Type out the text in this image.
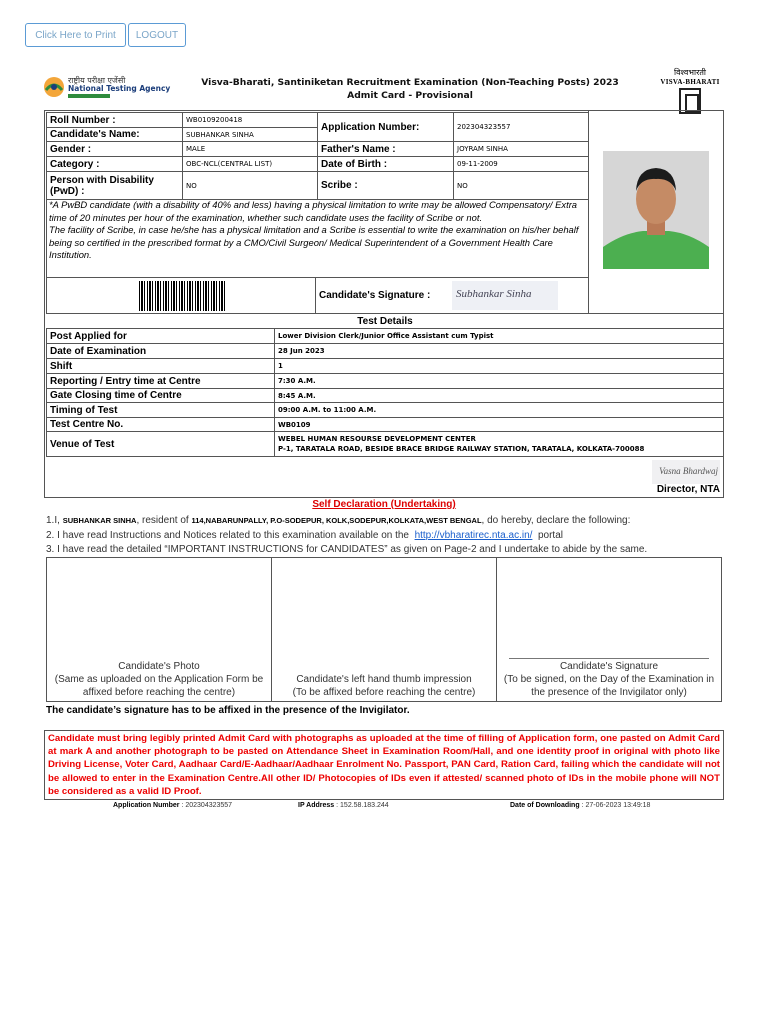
Click Here to Print	LOGOUT
राष्ट्रीय परीक्षा एजेंसी
National Testing Agency
Visva-Bharati, Santiniketan Recruitment Examination (Non-Teaching Posts) 2023
Admit Card - Provisional
विश्वभारती
VISVA-BHARATI
Roll Number :	WB0109200418	Application Number:	202304323557
Candidate's Name:	SUBHANKAR SINHA		
Gender :	MALE	Father's Name :	JOYRAM SINHA
Category :	OBC-NCL(CENTRAL LIST)	Date of Birth :	09-11-2009
Person with Disability (PwD) :	NO	Scribe :	NO
*A PwBD candidate (with a disability of 40% and less) having a physical limitation to write may be allowed Compensatory/ Extra time of 20 minutes per hour of the examination, whether such candidate uses the facility of Scribe or not.
The facility of Scribe, in case he/she has a physical limitation and a Scribe is essential to write the examination on his/her behalf being so certified in the prescribed format by a CMO/Civil Surgeon/ Medical Superintendent of a Government Health Care Institution.
Candidate's Signature :	Subhankar Sinha
Test Details
Post Applied for	Lower Division Clerk/Junior Office Assistant cum Typist
Date of Examination	28 Jun 2023
Shift	1
Reporting / Entry time at Centre	7:30 A.M.
Gate Closing time of Centre	8:45 A.M.
Timing of Test	09:00 A.M. to 11:00 A.M.
Test Centre No.	WB0109
Venue of Test	WEBEL HUMAN RESOURSE DEVELOPMENT CENTER
P-1, TARATALA ROAD, BESIDE BRACE BRIDGE RAILWAY STATION, TARATALA, KOLKATA-700088
Vasna Bhardwaj
Director, NTA
Self Declaration (Undertaking)
1.I, SUBHANKAR SINHA, resident of 114,NABARUNPALLY, P.O-SODEPUR, KOLK,SODEPUR,KOLKATA,WEST BENGAL, do hereby, declare the following:
2. I have read Instructions and Notices related to this examination available on the http://vbharatirec.nta.ac.in/ portal
3. I have read the detailed “IMPORTANT INSTRUCTIONS for CANDIDATES” as given on Page-2 and I undertake to abide by the same.
Candidate's Photo
(Same as uploaded on the Application Form be affixed before reaching the centre)
Candidate's left hand thumb impression
(To be affixed before reaching the centre)
Candidate's Signature
(To be signed, on the Day of the Examination in the presence of the Invigilator only)
The candidate’s signature has to be affixed in the presence of the Invigilator.
Candidate must bring legibly printed Admit Card with photographs as uploaded at the time of filling of Application form, one pasted on Admit Card at mark A and another photograph to be pasted on Attendance Sheet in Examination Room/Hall, and one identity proof in original with photo like Driving License, Voter Card, Aadhaar Card/E-Aadhaar/Aadhaar Enrolment No. Passport, PAN Card, Ration Card, failing which the candidate will not be allowed to enter in the Examination Centre.All other ID/ Photocopies of IDs even if attested/ scanned photo of IDs in the mobile phone will NOT be considered as a valid ID Proof.
Application Number : 202304323557	IP Address : 152.58.183.244	Date of Downloading : 27-06-2023 13:49:18
